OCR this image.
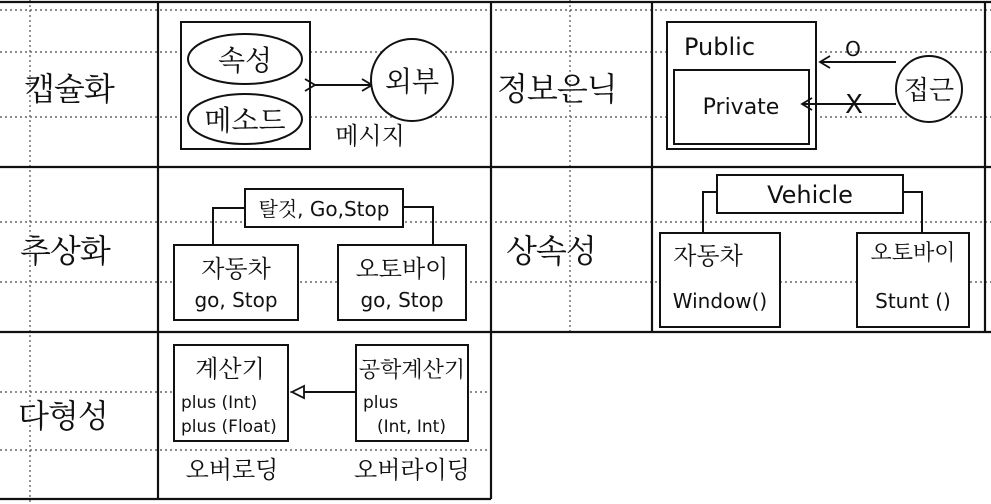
캡슐화
속성
메소드
외부
메시지
정보은닉
Public
Private
접근
O
X
추상화
탈것, Go,Stop
자동차
go, Stop
오토바이
go, Stop
상속성
Vehicle
자동차
Window()
오토바이
Stunt ()
다형성
계산기
plus (Int)
plus (Float)
공학계산기
plus
(Int, Int)
오버로딩	오버라이딩
